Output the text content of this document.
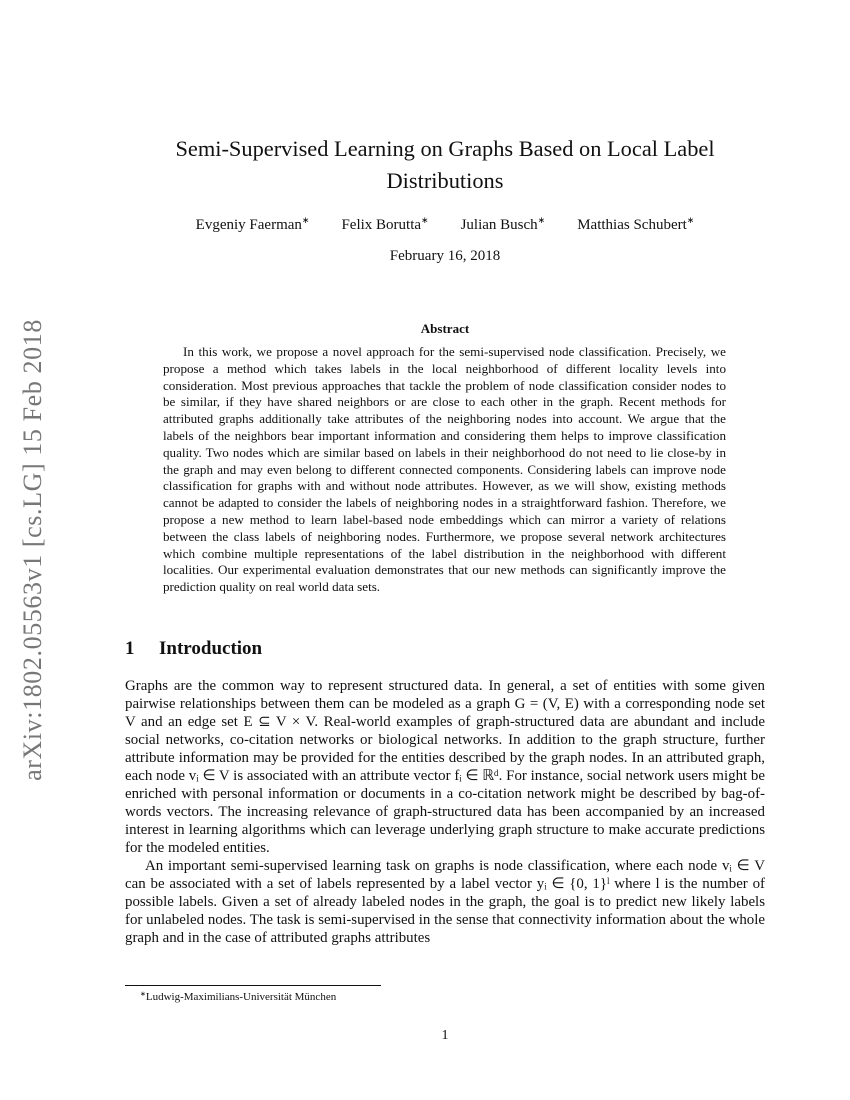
arXiv:1802.05563v1 [cs.LG] 15 Feb 2018
Semi-Supervised Learning on Graphs Based on Local Label Distributions
Evgeniy Faerman∗ Felix Borutta∗ Julian Busch∗ Matthias Schubert∗
February 16, 2018
Abstract

In this work, we propose a novel approach for the semi-supervised node classification. Precisely, we propose a method which takes labels in the local neighborhood of different locality levels into consideration. Most previous approaches that tackle the problem of node classification consider nodes to be similar, if they have shared neighbors or are close to each other in the graph. Recent methods for attributed graphs additionally take attributes of the neighboring nodes into account. We argue that the labels of the neighbors bear important information and considering them helps to improve classification quality. Two nodes which are similar based on labels in their neighborhood do not need to lie close-by in the graph and may even belong to different connected components. Considering labels can improve node classification for graphs with and without node attributes. However, as we will show, existing methods cannot be adapted to consider the labels of neighboring nodes in a straightforward fashion. Therefore, we propose a new method to learn label-based node embeddings which can mirror a variety of relations between the class labels of neighboring nodes. Furthermore, we propose several network architectures which combine multiple representations of the label distribution in the neighborhood with different localities. Our experimental evaluation demonstrates that our new methods can significantly improve the prediction quality on real world data sets.

1 Introduction

Graphs are the common way to represent structured data. In general, a set of entities with some given pairwise relationships between them can be modeled as a graph G = (V, E) with a corresponding node set V and an edge set E ⊆ V × V. Real-world examples of graph-structured data are abundant and include social networks, co-citation networks or biological networks. In addition to the graph structure, further attribute information may be provided for the entities described by the graph nodes. In an attributed graph, each node vᵢ ∈ V is associated with an attribute vector fᵢ ∈ ℝᵈ. For instance, social network users might be enriched with personal information or documents in a co-citation network might be described by bag-of-words vectors. The increasing relevance of graph-structured data has been accompanied by an increased interest in learning algorithms which can leverage underlying graph structure to make accurate predictions for the modeled entities.

An important semi-supervised learning task on graphs is node classification, where each node vᵢ ∈ V can be associated with a set of labels represented by a label vector yᵢ ∈ {0, 1}ˡ where l is the number of possible labels. Given a set of already labeled nodes in the graph, the goal is to predict new likely labels for unlabeled nodes. The task is semi-supervised in the sense that connectivity information about the whole graph and in the case of attributed graphs attributes

∗Ludwig-Maximilians-Universität München
1
